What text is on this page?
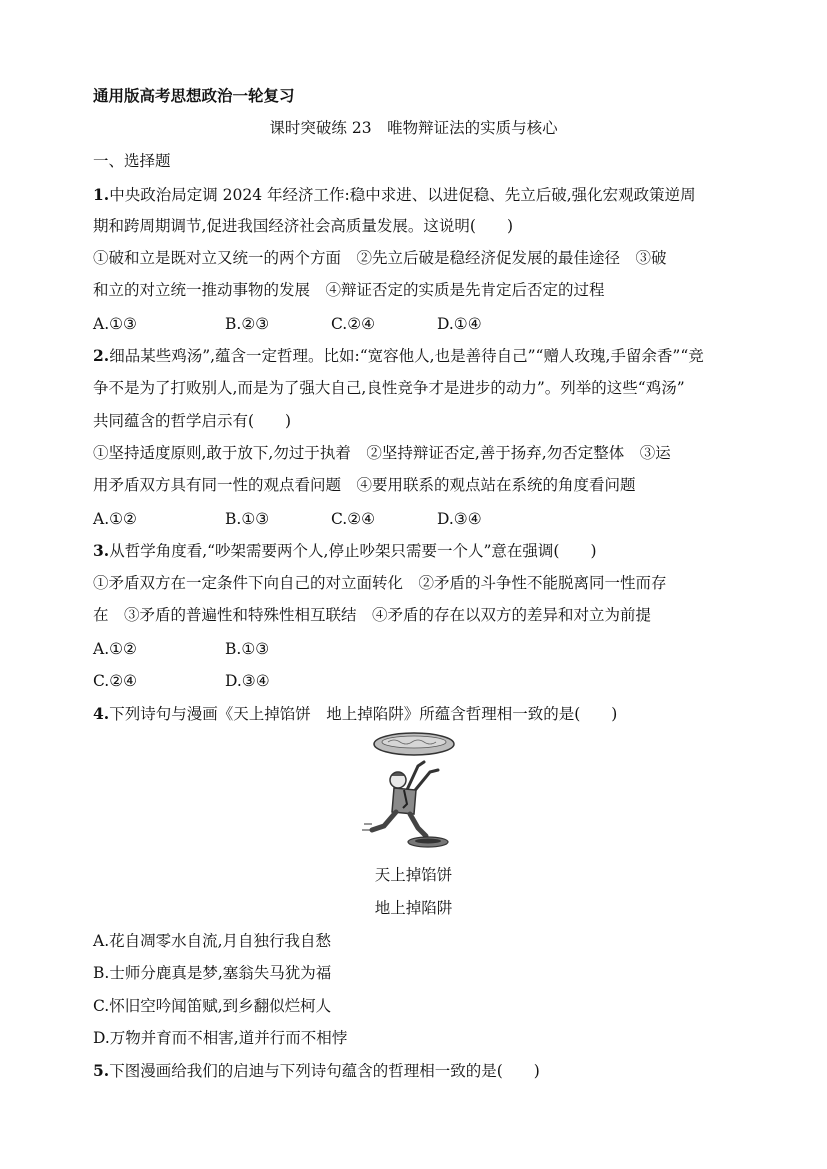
通用版高考思想政治一轮复习
课时突破练 23　唯物辩证法的实质与核心
一、选择题
1.中央政治局定调 2024 年经济工作:稳中求进、以进促稳、先立后破,强化宏观政策逆周
期和跨周期调节,促进我国经济社会高质量发展。这说明(　　)
①破和立是既对立又统一的两个方面　②先立后破是稳经济促发展的最佳途径　③破
和立的对立统一推动事物的发展　④辩证否定的实质是先肯定后否定的过程
A.①③	B.②③	C.②④	D.①④
2.细品某些鸡汤”,蕴含一定哲理。比如:“宽容他人,也是善待自己”“赠人玫瑰,手留余香”“竞
争不是为了打败别人,而是为了强大自己,良性竞争才是进步的动力”。列举的这些“鸡汤”
共同蕴含的哲学启示有(　　)
①坚持适度原则,敢于放下,勿过于执着　②坚持辩证否定,善于扬弃,勿否定整体　③运
用矛盾双方具有同一性的观点看问题　④要用联系的观点站在系统的角度看问题
A.①②	B.①③	C.②④	D.③④
3.从哲学角度看,“吵架需要两个人,停止吵架只需要一个人”意在强调(　　)
①矛盾双方在一定条件下向自己的对立面转化　②矛盾的斗争性不能脱离同一性而存
在　③矛盾的普遍性和特殊性相互联结　④矛盾的存在以双方的差异和对立为前提
A.①②	B.①③
C.②④	D.③④
4.下列诗句与漫画《天上掉馅饼　地上掉陷阱》所蕴含哲理相一致的是(　　)
天上掉馅饼
地上掉陷阱
A.花自凋零水自流,月自独行我自愁
B.士师分鹿真是梦,塞翁失马犹为福
C.怀旧空吟闻笛赋,到乡翻似烂柯人
D.万物并育而不相害,道并行而不相悖
5.下图漫画给我们的启迪与下列诗句蕴含的哲理相一致的是(　　)
